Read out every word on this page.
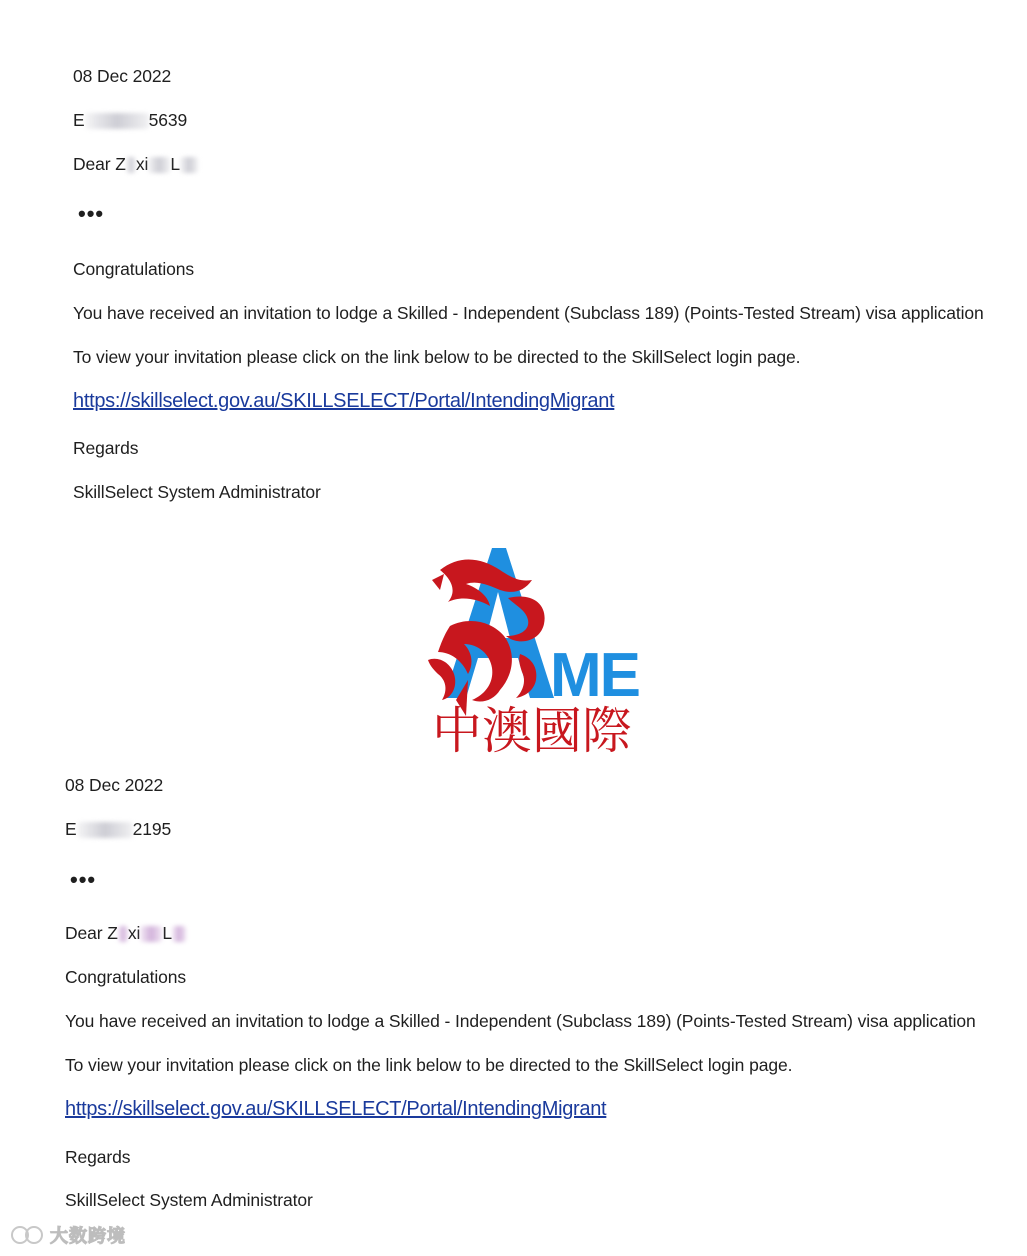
08 Dec 2022
E	5639
Dear Z xi L
•••
Congratulations
You have received an invitation to lodge a Skilled - Independent (Subclass 189) (Points-Tested Stream) visa application
To view your invitation please click on the link below to be directed to the SkillSelect login page.
https://skillselect.gov.au/SKILLSELECT/Portal/IntendingMigrant
Regards
SkillSelect System Administrator
ME
中澳國際
08 Dec 2022
E	2195
•••
Dear Z xi L
Congratulations
You have received an invitation to lodge a Skilled - Independent (Subclass 189) (Points-Tested Stream) visa application
To view your invitation please click on the link below to be directed to the SkillSelect login page.
https://skillselect.gov.au/SKILLSELECT/Portal/IntendingMigrant
Regards
SkillSelect System Administrator
大数跨境
